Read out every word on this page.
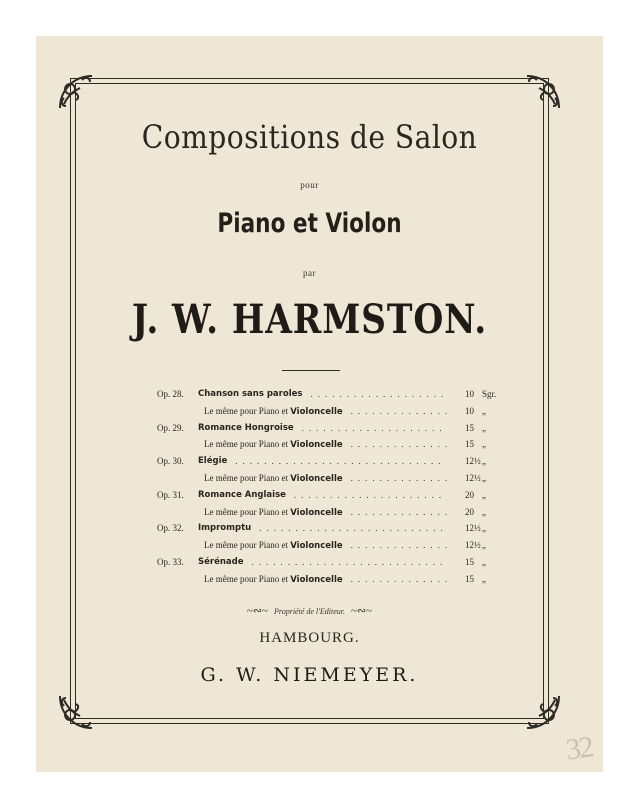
Compositions de Salon
pour
Piano et Violon
par
J. W. HARMSTON.
Op. 28.	Chanson sans paroles ...................	10 Sgr.
Le même pour Piano et Violoncelle ..............	10 „
Op. 29.	Romance Hongroise ....................	15 „
Le même pour Piano et Violoncelle ..............	15 „
Op. 30.	Elégie .............................	12½ „
Le même pour Piano et Violoncelle ..............	12½ „
Op. 31.	Romance Anglaise .....................	20 „
Le même pour Piano et Violoncelle ..............	20 „
Op. 32.	Impromptu ..........................	12½ „
Le même pour Piano et Violoncelle ..............	12½ „
Op. 33.	Sérénade ...........................	15 „
Le même pour Piano et Violoncelle ..............	15 „
~∾~ Propriété de l'Editeur. ~∾~
HAMBOURG.
G. W. NIEMEYER.
32
